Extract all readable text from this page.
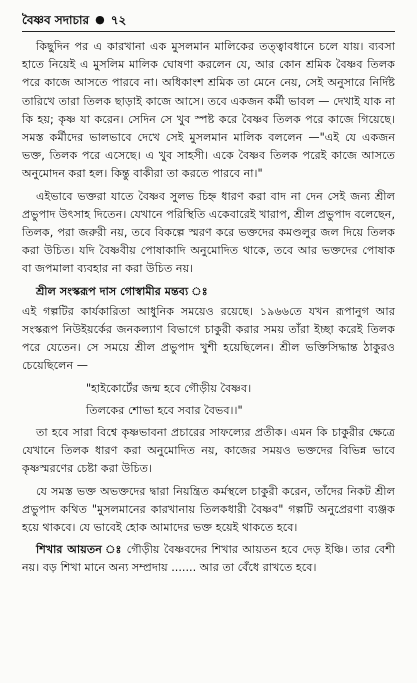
বৈষ্ণব সদাচার ● ৭২

কিছুদিন পর এ কারখানা এক মুসলমান মালিকের তত্ত্বাবধানে চলে যায়। ব্যবসা হাতে নিয়েই এ মুসলিম মালিক ঘোষণা করলেন যে, আর কোন শ্রমিক বৈষ্ণব তিলক পরে কাজে আসতে পারবে না। অধিকাংশ শ্রমিক তা মেনে নেয়, সেই অনুসারে নির্দিষ্ট তারিখে তারা তিলক ছাড়াই কাজে আসে। তবে একজন কর্মী ভাবল — দেখাই যাক না কি হয়; কৃষ্ণ যা করেন। সেদিন সে খুব স্পষ্ট করে বৈষ্ণব তিলক পরে কাজে গিয়েছে। সমস্ত কর্মীদের ভালভাবে দেখে সেই মুসলমান মালিক বললেন —"এই যে একজন ভক্ত, তিলক পরে এসেছে। এ খুব সাহসী। একে বৈষ্ণব তিলক পরেই কাজে আসতে অনুমোদন করা হল। কিন্তু বাকীরা তা করতে পারবে না।"

এইভাবে ভক্তরা যাতে বৈষ্ণব সুলভ চিহ্ন ধারণ করা বাদ না দেন সেই জন্য শ্রীল প্রভুপাদ উৎসাহ দিতেন। যেখানে পরিস্থিতি একেবারেই খারাপ, শ্রীল প্রভুপাদ বলেছেন, তিলক, পরা জরুরী নয়, তবে বিকল্পে স্মরণ করে ভক্তদের কমণ্ডলুর জল দিয়ে তিলক করা উচিত। যদি বৈষ্ণবীয় পোষাকাদি অনুমোদিত থাকে, তবে আর ভক্তদের পোষাক বা জপমালা ব্যবহার না করা উচিত নয়।

শ্রীল সংস্করূপ দাস গোস্বামীর মন্তব্য ঃ

এই গল্পটির কার্যকারিতা আধুনিক সময়েও রয়েছে। ১৯৬৬তে যখন রূপানুগ আর সংস্করূপ নিউইয়র্কের জনকল্যাণ বিভাগে চাকুরী করার সময় তাঁরা ইচ্ছা করেই তিলক পরে যেতেন। সে সময়ে শ্রীল প্রভুপাদ খুশী হয়েছিলেন। শ্রীল ভক্তিসিদ্ধান্ত ঠাকুরও চেয়েছিলেন —

"হাইকোর্টের জন্ম হবে গৌড়ীয় বৈষ্ণব।

তিলকের শোভা হবে সবার বৈভব।।"

তা হবে সারা বিশ্বে কৃষ্ণভাবনা প্রচারের সাফল্যের প্রতীক। এমন কি চাকুরীর ক্ষেত্রে যেখানে তিলক ধারণ করা অনুমোদিত নয়, কাজের সময়ও ভক্তদের বিভিন্ন ভাবে কৃষ্ণস্মরণের চেষ্টা করা উচিত।

যে সমস্ত ভক্ত অভক্তদের দ্বারা নিয়ন্ত্রিত কর্মস্থলে চাকুরী করেন, তাঁদের নিকট শ্রীল প্রভুপাদ কথিত "মুসলমানের কারখানায় তিলকধারী বৈষ্ণব" গল্পটি অনুপ্রেরণা ব্যঞ্জক হয়ে থাকবে। যে ভাবেই হোক আমাদের ভক্ত হয়েই থাকতে হবে।

শিখার আয়তন ঃ গৌড়ীয় বৈষ্ণবদের শিখার আয়তন হবে দেড় ইঞ্চি। তার বেশী নয়। বড় শিখা মানে অন্য সম্প্রদায় ....... আর তা বেঁধে রাখতে হবে।
